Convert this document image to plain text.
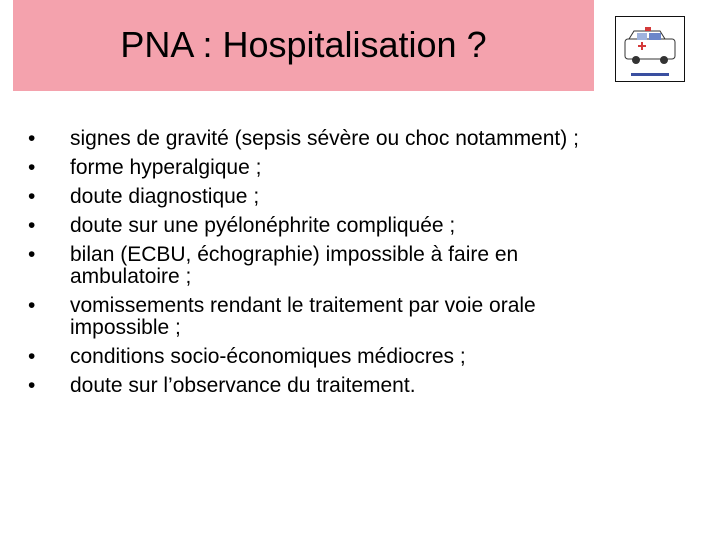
PNA : Hospitalisation ?
•	signes de gravité (sepsis sévère ou choc notamment) ;
•	forme hyperalgique ;
•	doute diagnostique ;
•	doute sur une pyélonéphrite compliquée ;
•	bilan (ECBU, échographie) impossible à faire en ambulatoire ;
•	vomissements rendant le traitement par voie orale impossible ;
•	conditions socio-économiques médiocres ;
•	doute sur l’observance du traitement.
